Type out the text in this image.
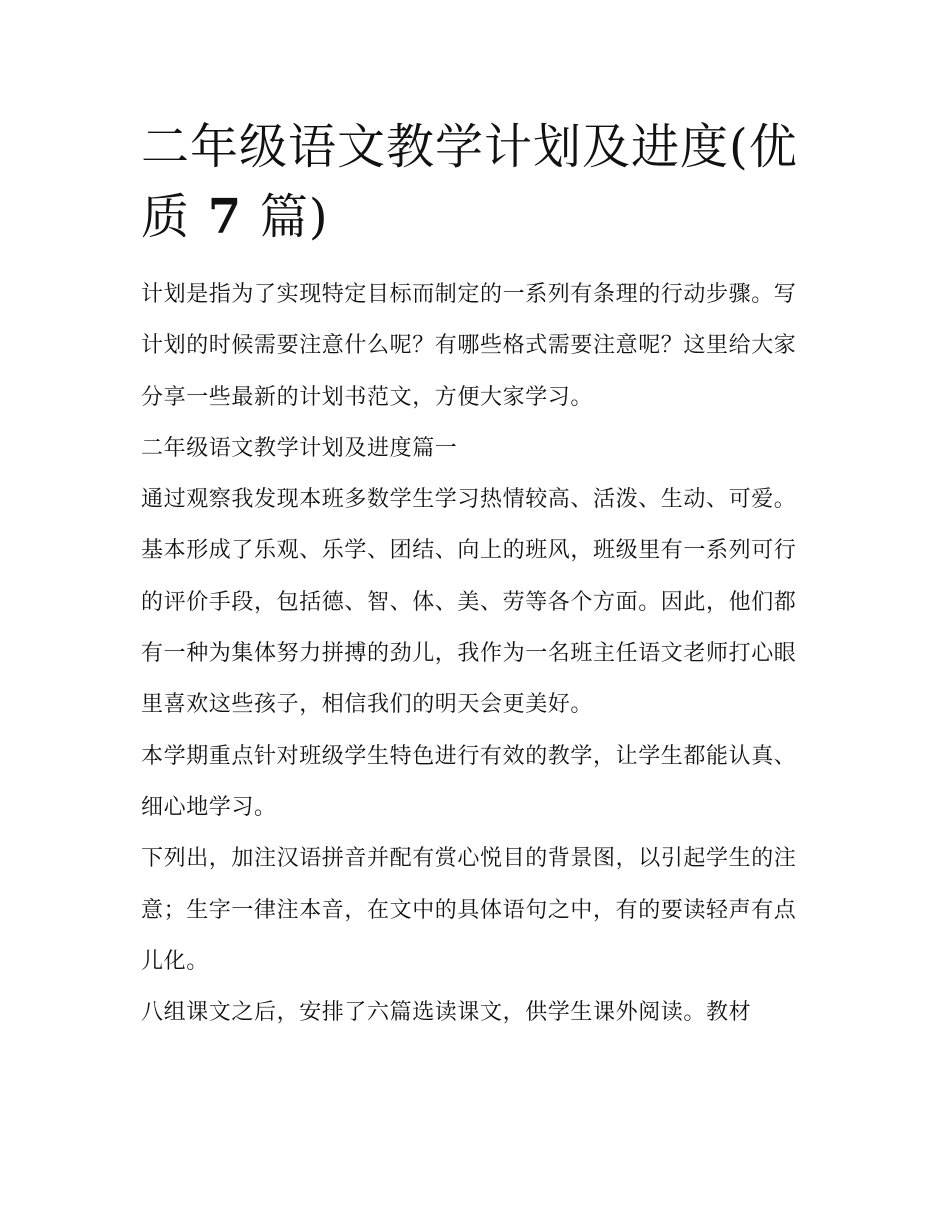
二年级语文教学计划及进度(优
质 7 篇)

计划是指为了实现特定目标而制定的一系列有条理的行动步骤。写计划的时候需要注意什么呢？有哪些格式需要注意呢？这里给大家分享一些最新的计划书范文，方便大家学习。

二年级语文教学计划及进度篇一

通过观察我发现本班多数学生学习热情较高、活泼、生动、可爱。基本形成了乐观、乐学、团结、向上的班风，班级里有一系列可行的评价手段，包括德、智、体、美、劳等各个方面。因此，他们都有一种为集体努力拼搏的劲儿，我作为一名班主任语文老师打心眼里喜欢这些孩子，相信我们的明天会更美好。

本学期重点针对班级学生特色进行有效的教学，让学生都能认真、细心地学习。

下列出，加注汉语拼音并配有赏心悦目的背景图，以引起学生的注意；生字一律注本音，在文中的具体语句之中，有的要读轻声有点儿化。

八组课文之后，安排了六篇选读课文，供学生课外阅读。教材
